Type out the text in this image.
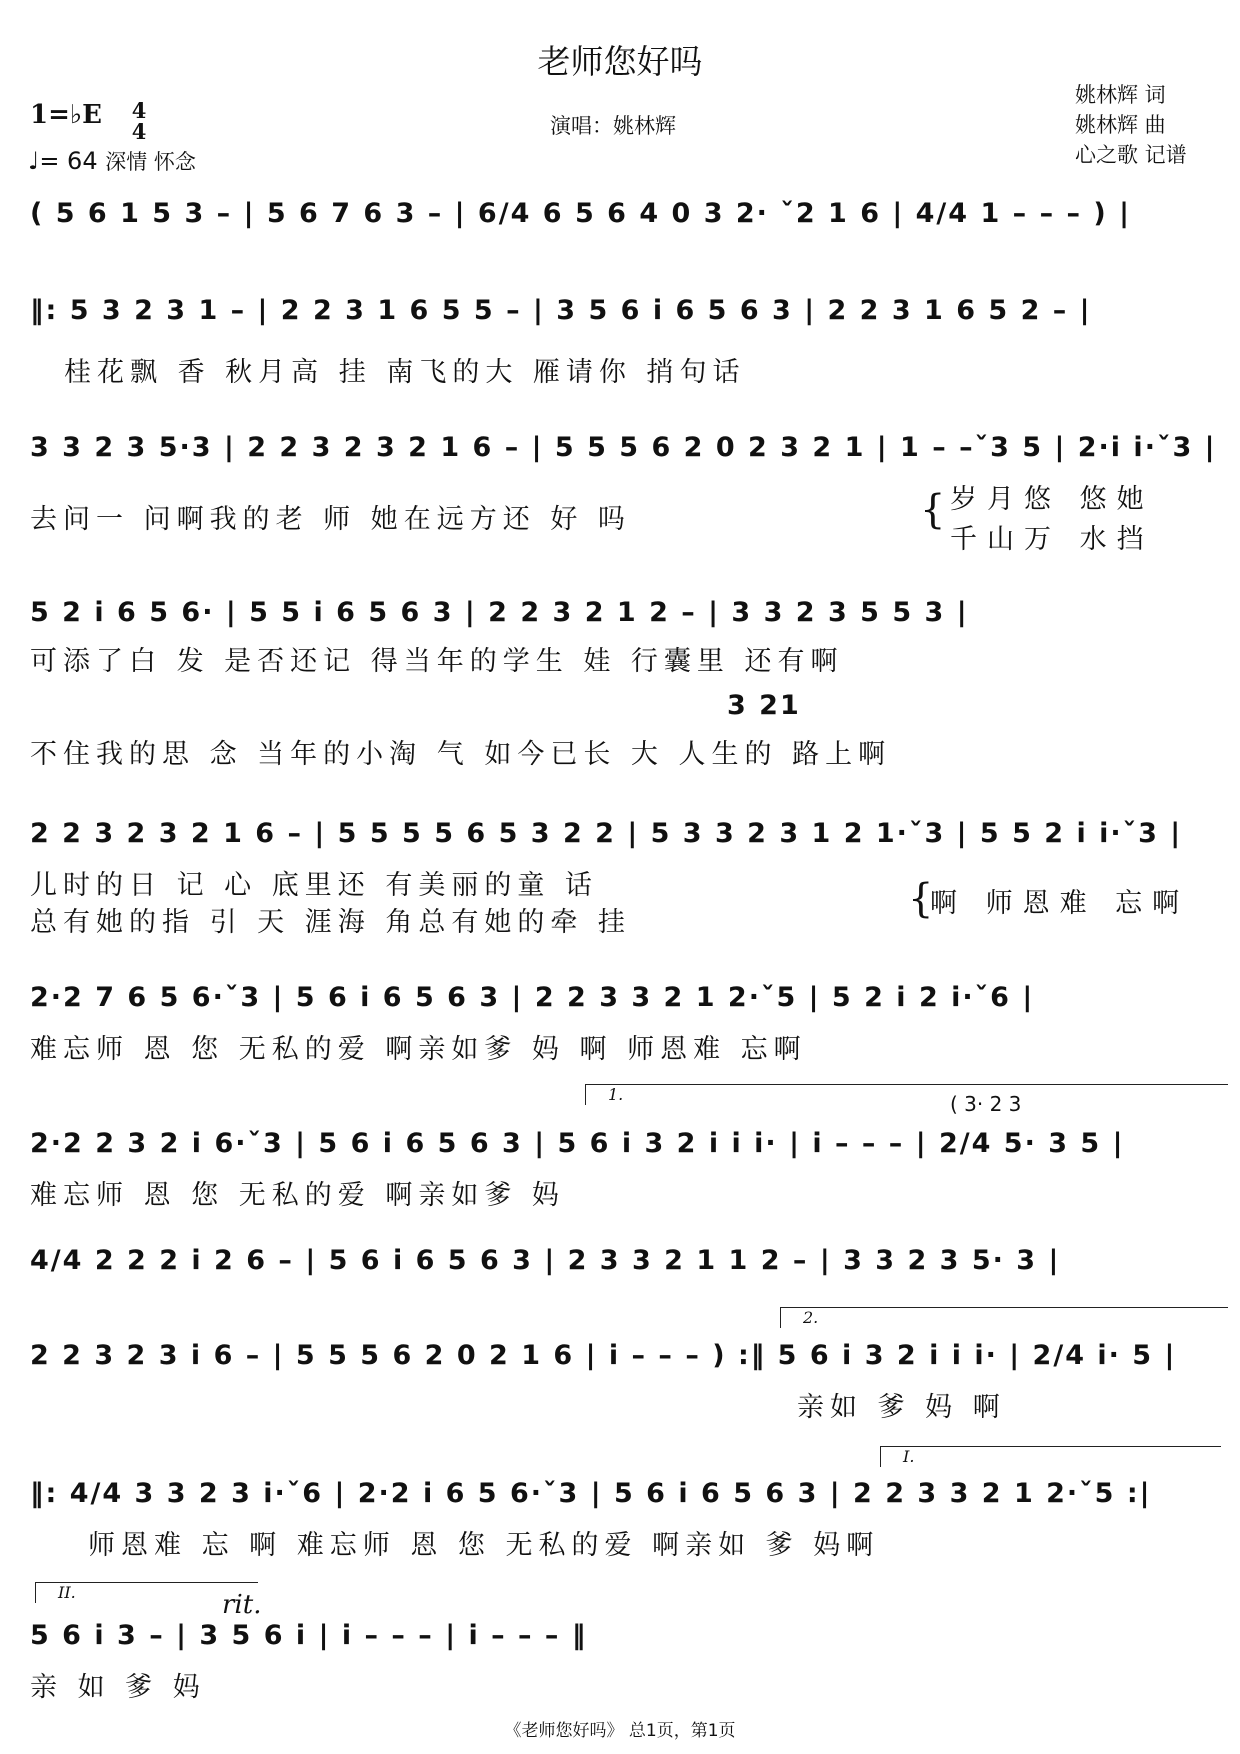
老师您好吗
1=♭E 4
4
♩= 64 深情 怀念
演唱：姚林辉
姚林辉 词
姚林辉 曲
心之歌 记谱
( 5 6 1 5 3 – | 5 6 7 6 3 – | 6/4 6 5 6 4 0 3 2· ˇ2 1 6 | 4/4 1 – – – ) |
‖: 5 3 2 3 1 – | 2 2 3 1 6 5 5 – | 3 5 6 i 6 5 6 3 | 2 2 3 1 6 5 2 – |
桂花飘 香 秋月高 挂 南飞的大 雁请你 捎句话
3 3 2 3 5·3 | 2 2 3 2 3 2 1 6 – | 5 5 5 6 2 0 2 3 2 1 | 1 – –ˇ3 5 | 2·i i·ˇ3 |
去问一 问啊我的老 师 她在远方还 好 吗	{ 岁月悠 悠她
千山万 水挡
5 2 i 6 5 6· | 5 5 i 6 5 6 3 | 2 2 3 2 1 2 – | 3 3 2 3 5 5 3 |
可添了白 发 是否还记 得当年的学生 娃 行囊里 还有啊
3 21
不住我的思 念 当年的小淘 气 如今已长 大 人生的 路上啊
2 2 3 2 3 2 1 6 – | 5 5 5 5 6 5 3 2 2 | 5 3 3 2 3 1 2 1·ˇ3 | 5 5 2 i i·ˇ3 |
儿时的日 记 心 底里还 有美丽的童 话
总有她的指 引 天 涯海 角总有她的牵 挂
{
啊 师恩难 忘啊
2·2 7 6 5 6·ˇ3 | 5 6 i 6 5 6 3 | 2 2 3 3 2 1 2·ˇ5 | 5 2 i 2 i·ˇ6 |
难忘师 恩 您 无私的爱 啊亲如爹 妈 啊 师恩难 忘啊
1.	( 3· 2 3
2·2 2 3 2 i 6·ˇ3 | 5 6 i 6 5 6 3 | 5 6 i 3 2 i i i· | i – – – | 2/4 5· 3 5 |
难忘师 恩 您 无私的爱 啊亲如爹 妈
4/4 2 2 2 i 2 6 – | 5 6 i 6 5 6 3 | 2 3 3 2 1 1 2 – | 3 3 2 3 5· 3 |
2.
2 2 3 2 3 i 6 – | 5 5 5 6 2 0 2 1 6 | i – – – ) :‖ 5 6 i 3 2 i i i· | 2/4 i· 5 |
亲如 爹 妈 啊
I.
‖: 4/4 3 3 2 3 i·ˇ6 | 2·2 i 6 5 6·ˇ3 | 5 6 i 6 5 6 3 | 2 2 3 3 2 1 2·ˇ5 :|
师恩难 忘 啊 难忘师 恩 您 无私的爱 啊亲如 爹 妈啊
II.	rit.
5 6 i 3 – | 3 5 6 i | i – – – | i – – – ‖
亲 如 爹 妈
《老师您好吗》 总1页，第1页
